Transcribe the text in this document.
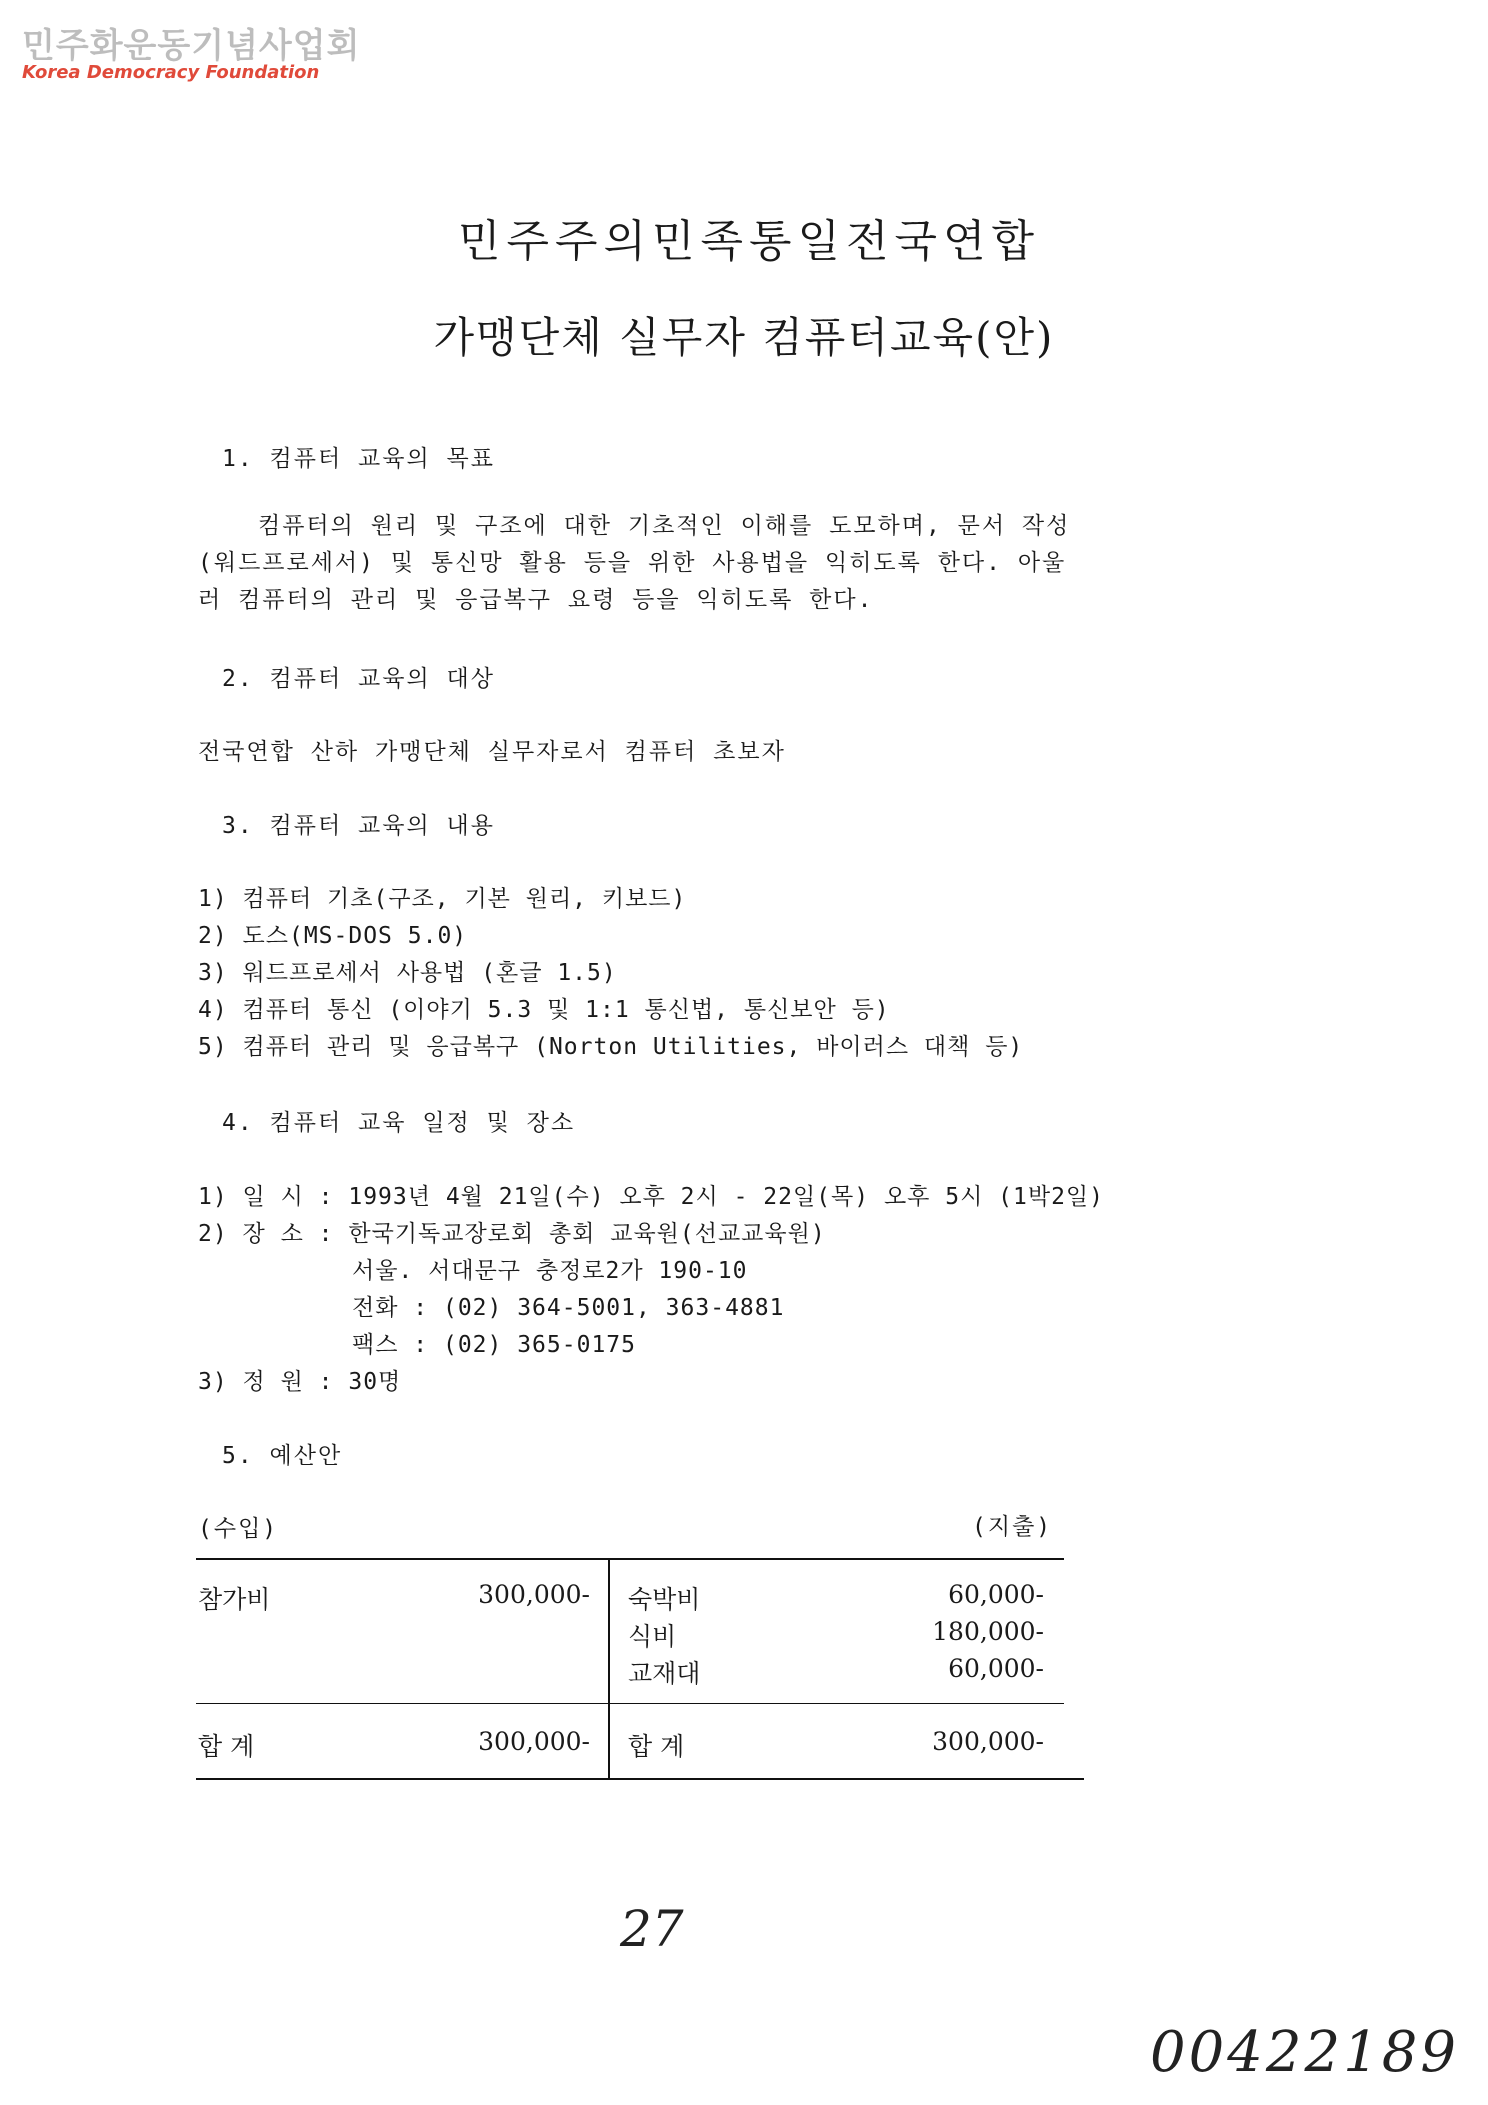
민주화운동기념사업회
Korea Democracy Foundation
민주주의민족통일전국연합
가맹단체 실무자 컴퓨터교육(안)
1. 컴퓨터 교육의 목표
컴퓨터의 원리 및 구조에 대한 기초적인 이해를 도모하며, 문서 작성 (워드프로세서) 및 통신망 활용 등을 위한 사용법을 익히도록 한다. 아울러 컴퓨터의 관리 및 응급복구 요령 등을 익히도록 한다.
2. 컴퓨터 교육의 대상
전국연합 산하 가맹단체 실무자로서 컴퓨터 초보자
3. 컴퓨터 교육의 내용
1) 컴퓨터 기초(구조, 기본 원리, 키보드)
2) 도스(MS-DOS 5.0)
3) 워드프로세서 사용법 (혼글 1.5)
4) 컴퓨터 통신 (이야기 5.3 및 1:1 통신법, 통신보안 등)
5) 컴퓨터 관리 및 응급복구 (Norton Utilities, 바이러스 대책 등)
4. 컴퓨터 교육 일정 및 장소
1) 일 시 : 1993년 4월 21일(수) 오후 2시 - 22일(목) 오후 5시 (1박2일)
2) 장 소 : 한국기독교장로회 총회 교육원(선교교육원)
서울. 서대문구 충정로2가 190-10
전화 : (02) 364-5001, 363-4881
팩스 : (02) 365-0175
3) 정 원 : 30명
5. 예산안
(수입)	(지출)
참가비	300,000- 숙박비	60,000-
식비	180,000-
교재대	60,000-
합 계	300,000- 합 계	300,000-
27
00422189
